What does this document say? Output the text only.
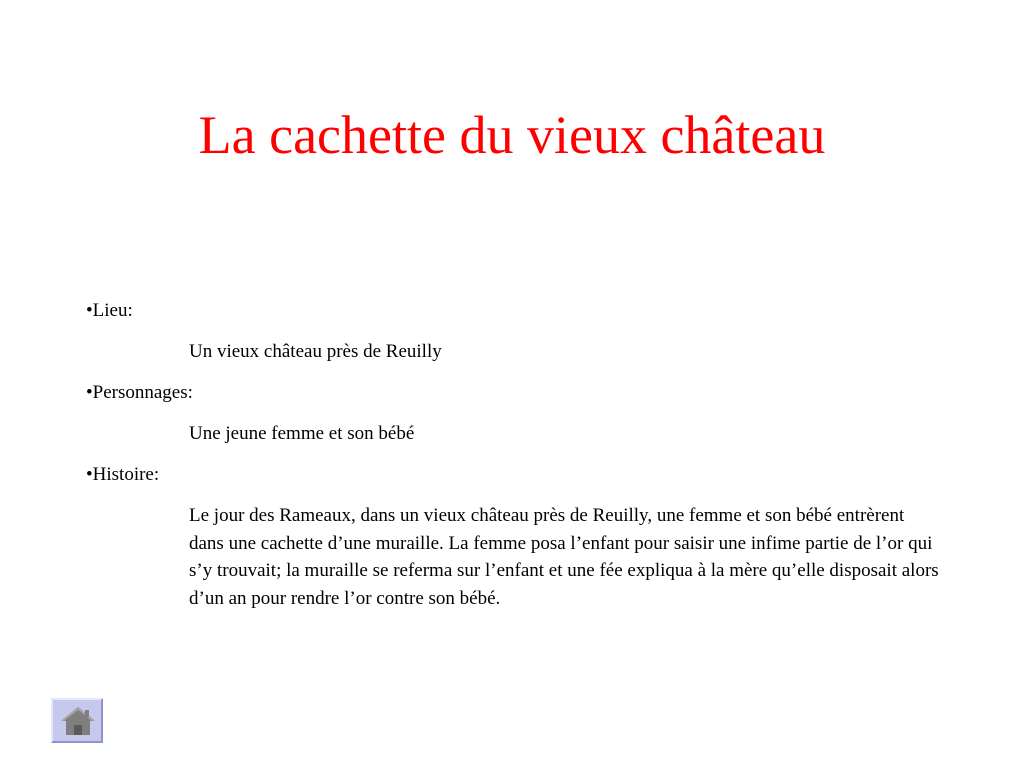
La cachette du vieux château

•Lieu:

Un vieux château près de Reuilly

•Personnages:

Une jeune femme et son bébé

•Histoire:

Le jour des Rameaux, dans un vieux château près de Reuilly, une femme et son bébé entrèrent dans une cachette d’une muraille. La femme posa l’enfant pour saisir une infime partie de l’or qui s’y trouvait; la muraille se referma sur l’enfant et une fée expliqua à la mère qu’elle disposait alors d’un an pour rendre l’or contre son bébé.
